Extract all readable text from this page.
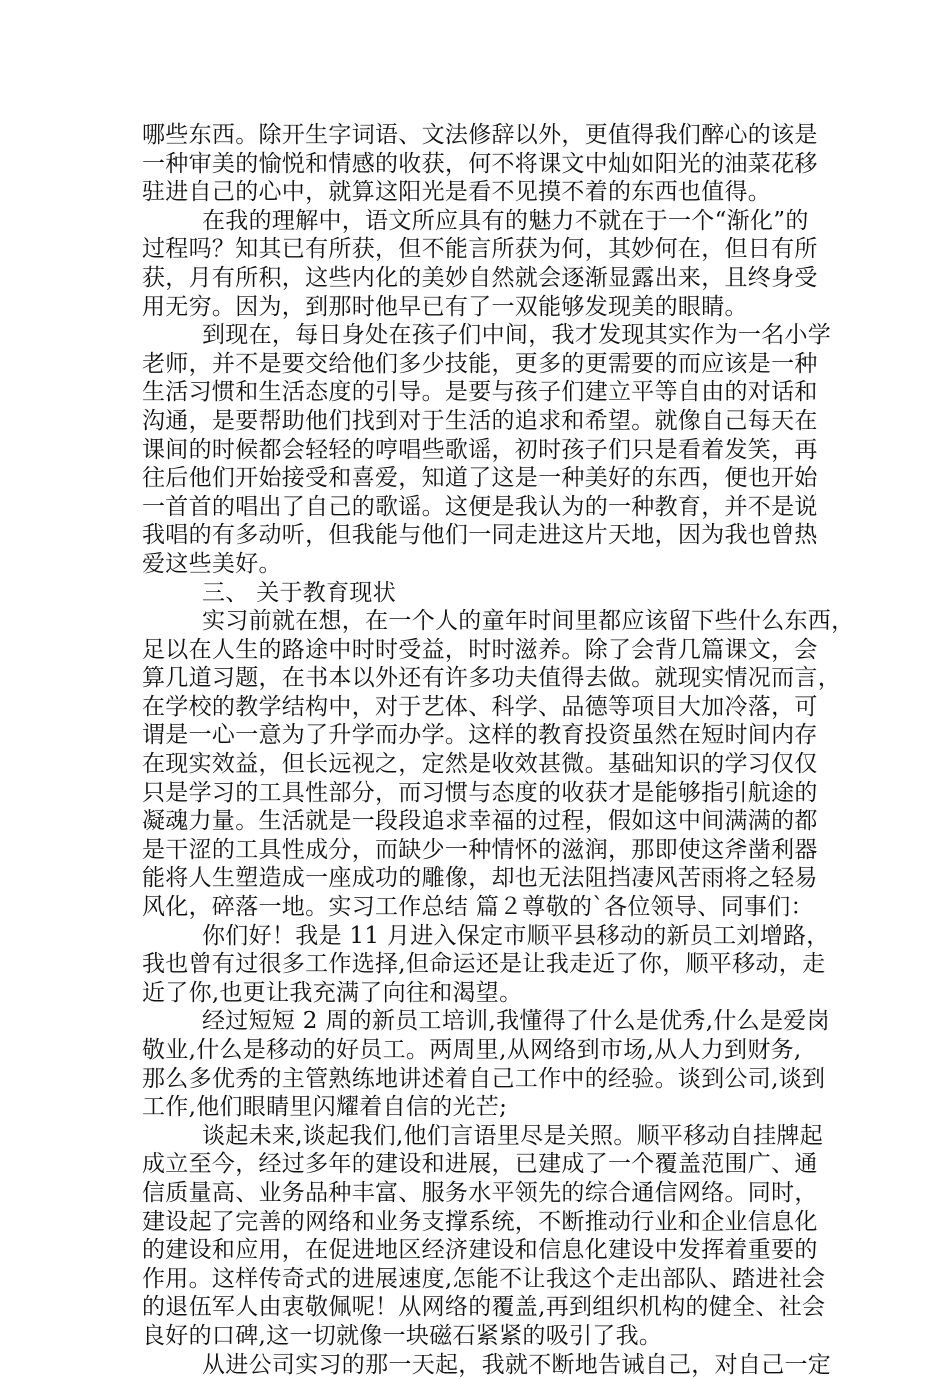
哪些东西。除开生字词语、文法修辞以外，更值得我们醉心的该是
一种审美的愉悦和情感的收获，何不将课文中灿如阳光的油菜花移
驻进自己的心中，就算这阳光是看不见摸不着的东西也值得。
在我的理解中，语文所应具有的魅力不就在于一个“渐化”的
过程吗？知其已有所获，但不能言所获为何，其妙何在，但日有所
获，月有所积，这些内化的美妙自然就会逐渐显露出来，且终身受
用无穷。因为，到那时他早已有了一双能够发现美的眼睛。
到现在，每日身处在孩子们中间，我才发现其实作为一名小学
老师，并不是要交给他们多少技能，更多的更需要的而应该是一种
生活习惯和生活态度的引导。是要与孩子们建立平等自由的对话和
沟通，是要帮助他们找到对于生活的追求和希望。就像自己每天在
课间的时候都会轻轻的哼唱些歌谣，初时孩子们只是看着发笑，再
往后他们开始接受和喜爱，知道了这是一种美好的东西，便也开始
一首首的唱出了自己的歌谣。这便是我认为的一种教育，并不是说
我唱的有多动听，但我能与他们一同走进这片天地，因为我也曾热
爱这些美好。
三、 关于教育现状
实习前就在想，在一个人的童年时间里都应该留下些什么东西，
足以在人生的路途中时时受益，时时滋养。除了会背几篇课文，会
算几道习题，在书本以外还有许多功夫值得去做。就现实情况而言，
在学校的教学结构中，对于艺体、科学、品德等项目大加冷落，可
谓是一心一意为了升学而办学。这样的教育投资虽然在短时间内存
在现实效益，但长远视之，定然是收效甚微。基础知识的学习仅仅
只是学习的工具性部分，而习惯与态度的收获才是能够指引航途的
凝魂力量。生活就是一段段追求幸福的过程，假如这中间满满的都
是干涩的工具性成分，而缺少一种情怀的滋润，那即使这斧凿利器
能将人生塑造成一座成功的雕像，却也无法阻挡凄风苦雨将之轻易
风化，碎落一地。实习工作总结 篇２尊敬的`各位领导、同事们：
你们好！我是 11 月进入保定市顺平县移动的新员工刘增路，
我也曾有过很多工作选择,但命运还是让我走近了你，顺平移动，走
近了你,也更让我充满了向往和渴望。
经过短短 2 周的新员工培训,我懂得了什么是优秀,什么是爱岗
敬业,什么是移动的好员工。两周里,从网络到市场,从人力到财务,
那么多优秀的主管熟练地讲述着自己工作中的经验。谈到公司,谈到
工作,他们眼睛里闪耀着自信的光芒;
谈起未来,谈起我们,他们言语里尽是关照。顺平移动自挂牌起
成立至今，经过多年的建设和进展，已建成了一个覆盖范围广、通
信质量高、业务品种丰富、服务水平领先的综合通信网络。同时，
建设起了完善的网络和业务支撑系统，不断推动行业和企业信息化
的建设和应用，在促进地区经济建设和信息化建设中发挥着重要的
作用。这样传奇式的进展速度,怎能不让我这个走出部队、踏进社会
的退伍军人由衷敬佩呢！从网络的覆盖,再到组织机构的健全、社会
良好的口碑,这一切就像一块磁石紧紧的吸引了我。
从进公司实习的那一天起，我就不断地告诫自己，对自己一定
